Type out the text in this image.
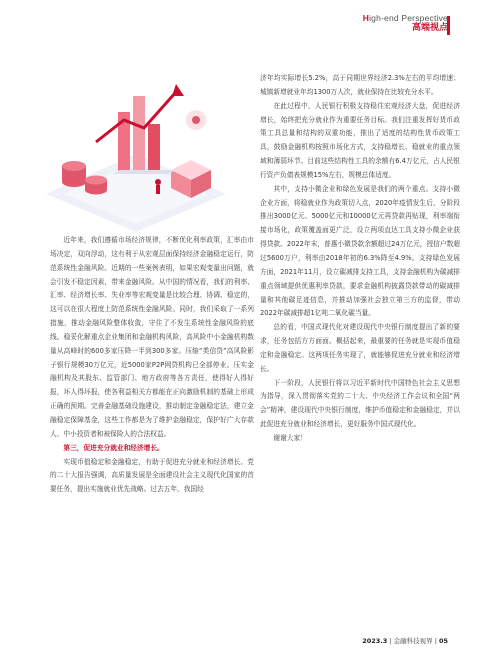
High-end Perspective
高端视点

近年来，我们遵循市场经济规律，不断优化利率政策，汇率由市场决定，双向浮动，这有利于从宏观层面保持经济金融稳定运行，防范系统性金融风险。近期的一些案例表明，如果宏观变量出问题，就会引发不稳定因素，带来金融风险。从中国的情况看，我们的利率、汇率、经济增长率、失业率等宏观变量是比较合理、协调、稳定的，这可以在很大程度上防范系统性金融风险。同时，我们采取了一系列措施，推动金融风险整体收敛，守住了不发生系统性金融风险的底线。稳妥化解重点企业集团和金融机构风险，高风险中小金融机构数量从高峰时的600多家压降一半到300多家。压缩“类信贷”高风险影子银行规模30万亿元，近5000家P2P网贷机构已全部停业。压实金融机构及其股东、监管部门、地方政府等各方责任，使得好人得好报，坏人得坏报，使各利益相关方都能在正向激励机制的基础上形成正确的预期。完善金融基础设施建设，推动制定金融稳定法，建立金融稳定保障基金，这些工作都是为了维护金融稳定，保护好广大存款人、中小投资者和被保险人的合法权益。

第三，促进充分就业和经济增长。

实现币值稳定和金融稳定，有助于促进充分就业和经济增长。党的二十大报告强调，高质量发展是全面建设社会主义现代化国家的首要任务，提出实施就业优先战略。过去五年，我国经

济年均实际增长5.2%，高于同期世界经济2.3%左右的平均增速；城镇新增就业年均1300万人次，就业保持在比较充分水平。

在此过程中，人民银行积极支持稳住宏观经济大盘，促进经济增长，始终把充分就业作为重要任务目标。我们注重发挥好货币政策工具总量和结构的双重功能，推出了适度的结构性货币政策工具，鼓励金融机构按照市场化方式，支持稳增长、稳就业的重点领域和薄弱环节。目前这些结构性工具的余额有6.4万亿元，占人民银行资产负债表规模15%左右，规模总体适度。

其中，支持小微企业和绿色发展是我们的两个重点。支持小微企业方面，将稳就业作为政策切入点，2020年疫情发生后，分阶段推出3000亿元、5000亿元和10000亿元再贷款再贴现，利率端衔接市场化，政策覆盖面更广泛，设立两项直达工具支持小微企业获得贷款。2022年末，普惠小微贷款余额超过24万亿元，授信户数超过5600万户，利率由2018年初的6.3%降至4.9%。支持绿色发展方面，2021年11月，设立碳减排支持工具，支持金融机构为碳减排重点领域提供优惠利率贷款，要求金融机构披露贷款带动的碳减排量和其他碳足迹信息，并推动加强社会独立第三方的监督，带动2022年碳减排超1亿吨二氧化碳当量。

总的看，中国式现代化对建设现代中央银行制度提出了新的要求，任务包括方方面面。概括起来，最重要的任务就是实现币值稳定和金融稳定。这两项任务实现了，就能够促进充分就业和经济增长。

下一阶段，人民银行将以习近平新时代中国特色社会主义思想为指导，深入贯彻落实党的二十大、中央经济工作会议和全国“两会”精神，建设现代中央银行制度，维护币值稳定和金融稳定，并以此促进充分就业和经济增长，更好服务中国式现代化。

谢谢大家！

2023.3 | 金融科技视界 | 05
